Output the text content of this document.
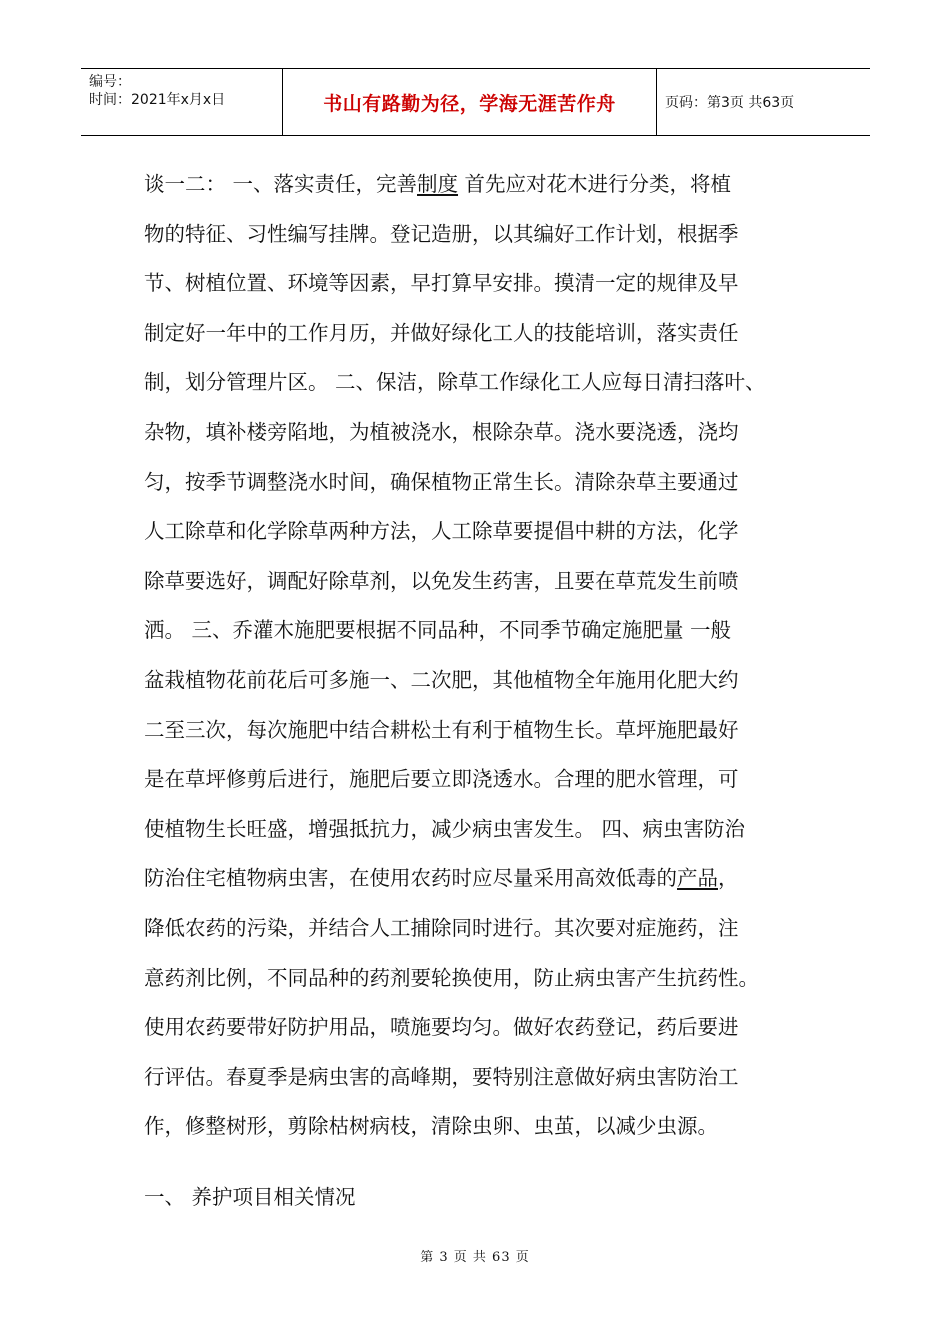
编号：
时间：2021年x月x日	书山有路勤为径，学海无涯苦作舟	页码：第3页 共63页

谈一二： 一、落实责任，完善制度 首先应对花木进行分类，将植

物的特征、习性编写挂牌。登记造册，以其编好工作计划，根据季

节、树植位置、环境等因素，早打算早安排。摸清一定的规律及早

制定好一年中的工作月历，并做好绿化工人的技能培训，落实责任

制，划分管理片区。 二、保洁，除草工作绿化工人应每日清扫落叶、

杂物，填补楼旁陷地，为植被浇水，根除杂草。浇水要浇透，浇均

匀，按季节调整浇水时间，确保植物正常生长。清除杂草主要通过

人工除草和化学除草两种方法，人工除草要提倡中耕的方法，化学

除草要选好，调配好除草剂，以免发生药害，且要在草荒发生前喷

洒。 三、乔灌木施肥要根据不同品种，不同季节确定施肥量 一般

盆栽植物花前花后可多施一、二次肥，其他植物全年施用化肥大约

二至三次，每次施肥中结合耕松土有利于植物生长。草坪施肥最好

是在草坪修剪后进行，施肥后要立即浇透水。合理的肥水管理，可

使植物生长旺盛，增强抵抗力，减少病虫害发生。 四、病虫害防治

防治住宅植物病虫害，在使用农药时应尽量采用高效低毒的产品，

降低农药的污染，并结合人工捕除同时进行。其次要对症施药，注

意药剂比例，不同品种的药剂要轮换使用，防止病虫害产生抗药性。

使用农药要带好防护用品，喷施要均匀。做好农药登记，药后要进

行评估。春夏季是病虫害的高峰期，要特别注意做好病虫害防治工

作，修整树形，剪除枯树病枝，清除虫卵、虫茧，以减少虫源。

一、 养护项目相关情况
第 3 页 共 63 页
